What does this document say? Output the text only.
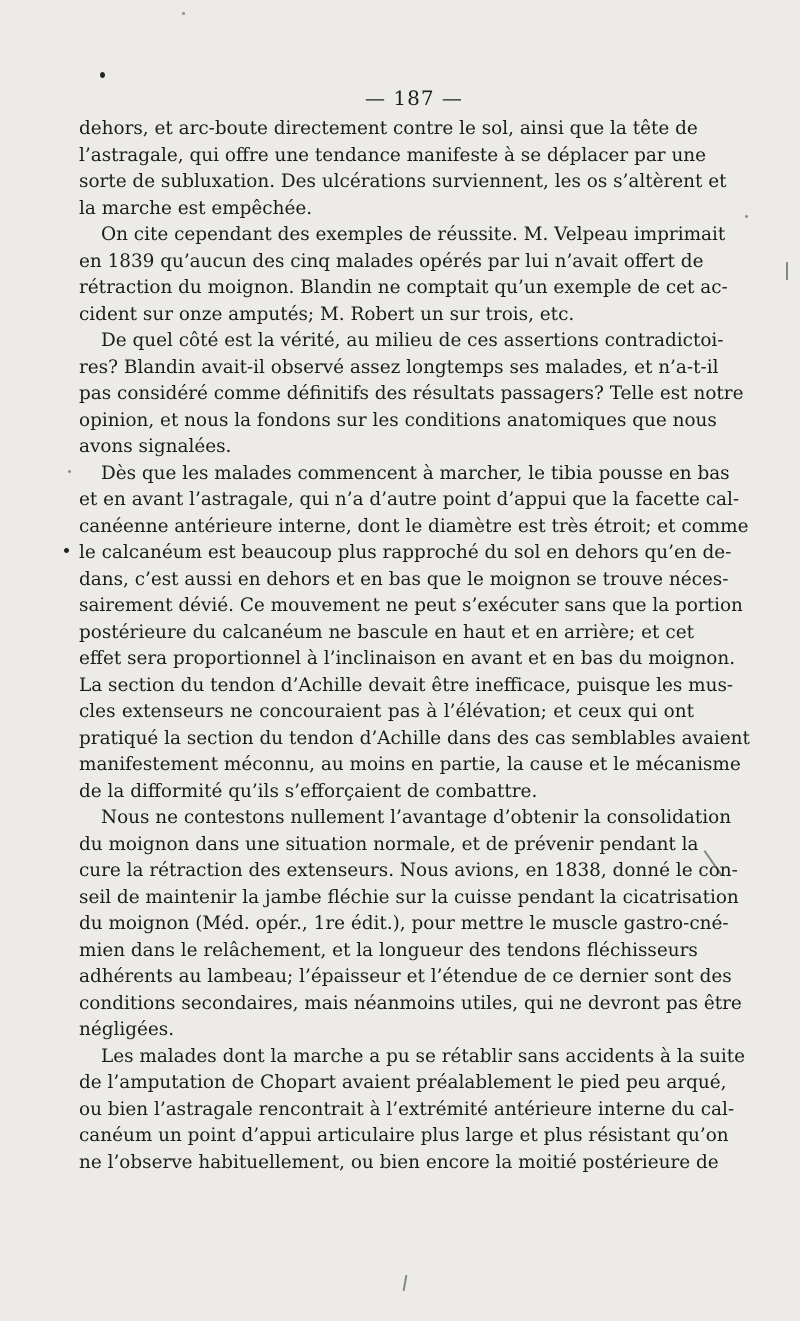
— 187 —

dehors, et arc-boute directement contre le sol, ainsi que la tête de
l’astragale, qui offre une tendance manifeste à se déplacer par une
sorte de subluxation. Des ulcérations surviennent, les os s’altèrent et
la marche est empêchée.

On cite cependant des exemples de réussite. M. Velpeau imprimait
en 1839 qu’aucun des cinq malades opérés par lui n’avait offert de
rétraction du moignon. Blandin ne comptait qu’un exemple de cet ac-
cident sur onze amputés; M. Robert un sur trois, etc.

De quel côté est la vérité, au milieu de ces assertions contradictoi-
res? Blandin avait-il observé assez longtemps ses malades, et n’a-t-il
pas considéré comme définitifs des résultats passagers? Telle est notre
opinion, et nous la fondons sur les conditions anatomiques que nous
avons signalées.

Dès que les malades commencent à marcher, le tibia pousse en bas
et en avant l’astragale, qui n’a d’autre point d’appui que la facette cal-
canéenne antérieure interne, dont le diamètre est très étroit; et comme
le calcanéum est beaucoup plus rapproché du sol en dehors qu’en de-
dans, c’est aussi en dehors et en bas que le moignon se trouve néces-
sairement dévié. Ce mouvement ne peut s’exécuter sans que la portion
postérieure du calcanéum ne bascule en haut et en arrière; et cet
effet sera proportionnel à l’inclinaison en avant et en bas du moignon.
La section du tendon d’Achille devait être inefficace, puisque les mus-
cles extenseurs ne concouraient pas à l’élévation; et ceux qui ont
pratiqué la section du tendon d’Achille dans des cas semblables avaient
manifestement méconnu, au moins en partie, la cause et le mécanisme
de la difformité qu’ils s’efforçaient de combattre.

Nous ne contestons nullement l’avantage d’obtenir la consolidation
du moignon dans une situation normale, et de prévenir pendant la
cure la rétraction des extenseurs. Nous avions, en 1838, donné le con-
seil de maintenir la jambe fléchie sur la cuisse pendant la cicatrisation
du moignon (Méd. opér., 1re édit.), pour mettre le muscle gastro-cné-
mien dans le relâchement, et la longueur des tendons fléchisseurs
adhérents au lambeau; l’épaisseur et l’étendue de ce dernier sont des
conditions secondaires, mais néanmoins utiles, qui ne devront pas être
négligées.

Les malades dont la marche a pu se rétablir sans accidents à la suite
de l’amputation de Chopart avaient préalablement le pied peu arqué,
ou bien l’astragale rencontrait à l’extrémité antérieure interne du cal-
canéum un point d’appui articulaire plus large et plus résistant qu’on
ne l’observe habituellement, ou bien encore la moitié postérieure de
